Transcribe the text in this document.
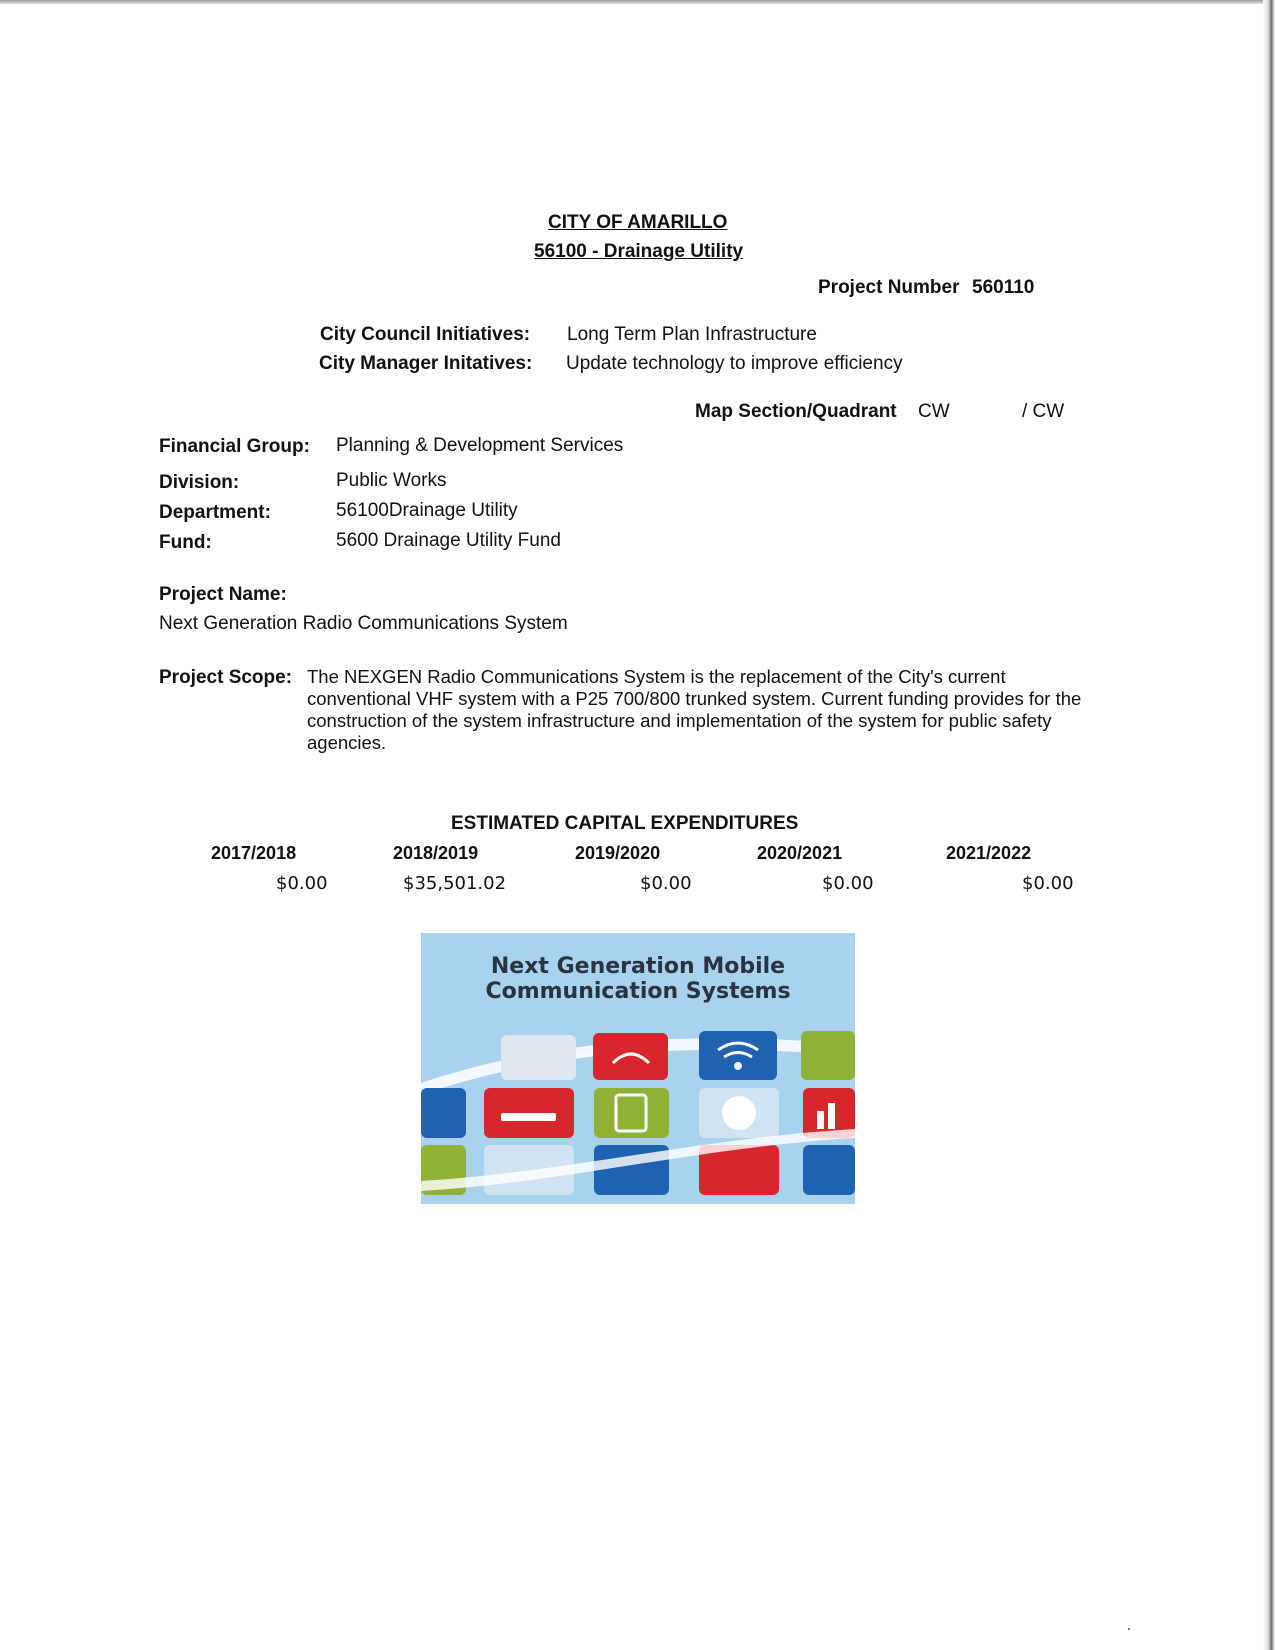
CITY OF AMARILLO
56100 - Drainage Utility
Project Number 560110
City Council Initiatives: Long Term Plan Infrastructure
City Manager Initatives: Update technology to improve efficiency
Map Section/Quadrant CW	/ CW
Financial Group: Planning & Development Services
Division:	Public Works
Department:	56100Drainage Utility
Fund:	5600 Drainage Utility Fund
Project Name:
Next Generation Radio Communications System
Project Scope: The NEXGEN Radio Communications System is the replacement of the City's current conventional VHF system with a P25 700/800 trunked system. Current funding provides for the construction of the system infrastructure and implementation of the system for public safety agencies.
ESTIMATED CAPITAL EXPENDITURES
2017/2018	2018/2019	2019/2020	2020/2021	2021/2022
$0.00	$35,501.02	$0.00	$0.00	$0.00
Next Generation Mobile
Communication Systems
